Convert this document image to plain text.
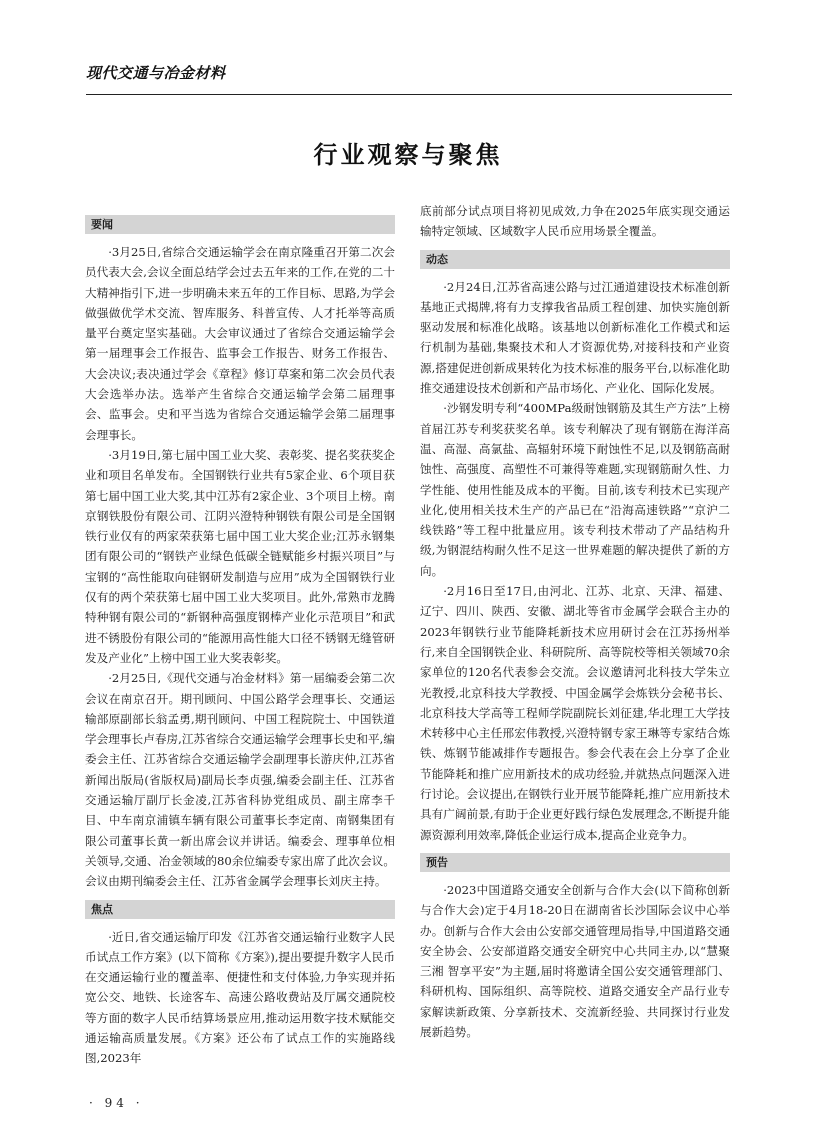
现代交通与冶金材料
行业观察与聚焦
要闻

·3月25日,省综合交通运输学会在南京隆重召开第二次会员代表大会,会议全面总结学会过去五年来的工作,在党的二十大精神指引下,进一步明确未来五年的工作目标、思路,为学会做强做优学术交流、智库服务、科普宣传、人才托举等高质量平台奠定坚实基础。大会审议通过了省综合交通运输学会第一届理事会工作报告、监事会工作报告、财务工作报告、大会决议;表决通过学会《章程》修订草案和第二次会员代表大会选举办法。选举产生省综合交通运输学会第二届理事会、监事会。史和平当选为省综合交通运输学会第二届理事会理事长。

·3月19日,第七届中国工业大奖、表彰奖、提名奖获奖企业和项目名单发布。全国钢铁行业共有5家企业、6个项目获第七届中国工业大奖,其中江苏有2家企业、3个项目上榜。南京钢铁股份有限公司、江阴兴澄特种钢铁有限公司是全国钢铁行业仅有的两家荣获第七届中国工业大奖企业;江苏永钢集团有限公司的“钢铁产业绿色低碳全链赋能乡村振兴项目”与宝钢的“高性能取向硅钢研发制造与应用”成为全国钢铁行业仅有的两个荣获第七届中国工业大奖项目。此外,常熟市龙腾特种钢有限公司的“新钢种高强度钢棒产业化示范项目”和武进不锈股份有限公司的“能源用高性能大口径不锈钢无缝管研发及产业化”上榜中国工业大奖表彰奖。

·2月25日,《现代交通与冶金材料》第一届编委会第二次会议在南京召开。期刊顾问、中国公路学会理事长、交通运输部原副部长翁孟勇,期刊顾问、中国工程院院士、中国铁道学会理事长卢春房,江苏省综合交通运输学会理事长史和平,编委会主任、江苏省综合交通运输学会副理事长游庆仲,江苏省新闻出版局(省版权局)副局长李贞强,编委会副主任、江苏省交通运输厅副厅长金凌,江苏省科协党组成员、副主席李千目、中车南京浦镇车辆有限公司董事长李定南、南钢集团有限公司董事长黄一新出席会议并讲话。编委会、理事单位相关领导,交通、冶金领域的80余位编委专家出席了此次会议。会议由期刊编委会主任、江苏省金属学会理事长刘庆主持。

焦点

·近日,省交通运输厅印发《江苏省交通运输行业数字人民币试点工作方案》(以下简称《方案》),提出要提升数字人民币在交通运输行业的覆盖率、便捷性和支付体验,力争实现并拓宽公交、地铁、长途客车、高速公路收费站及厅属交通院校等方面的数字人民币结算场景应用,推动运用数字技术赋能交通运输高质量发展。《方案》还公布了试点工作的实施路线图,2023年

底前部分试点项目将初见成效,力争在2025年底实现交通运输特定领域、区域数字人民币应用场景全覆盖。

动态

·2月24日,江苏省高速公路与过江通道建设技术标准创新基地正式揭牌,将有力支撑我省品质工程创建、加快实施创新驱动发展和标准化战略。该基地以创新标准化工作模式和运行机制为基础,集聚技术和人才资源优势,对接科技和产业资源,搭建促进创新成果转化为技术标准的服务平台,以标准化助推交通建设技术创新和产品市场化、产业化、国际化发展。

·沙钢发明专利“400MPa级耐蚀钢筋及其生产方法”上榜首届江苏专利奖获奖名单。该专利解决了现有钢筋在海洋高温、高湿、高氯盐、高辐射环境下耐蚀性不足,以及钢筋高耐蚀性、高强度、高塑性不可兼得等难题,实现钢筋耐久性、力学性能、使用性能及成本的平衡。目前,该专利技术已实现产业化,使用相关技术生产的产品已在“沿海高速铁路”“京沪二线铁路”等工程中批量应用。该专利技术带动了产品结构升级,为钢混结构耐久性不足这一世界难题的解决提供了新的方向。

·2月16日至17日,由河北、江苏、北京、天津、福建、辽宁、四川、陕西、安徽、湖北等省市金属学会联合主办的2023年钢铁行业节能降耗新技术应用研讨会在江苏扬州举行,来自全国钢铁企业、科研院所、高等院校等相关领域70余家单位的120名代表参会交流。会议邀请河北科技大学朱立光教授,北京科技大学教授、中国金属学会炼铁分会秘书长、北京科技大学高等工程师学院副院长刘征建,华北理工大学技术转移中心主任邢宏伟教授,兴澄特钢专家王琳等专家结合炼铁、炼钢节能减排作专题报告。参会代表在会上分享了企业节能降耗和推广应用新技术的成功经验,并就热点问题深入进行讨论。会议提出,在钢铁行业开展节能降耗,推广应用新技术具有广阔前景,有助于企业更好践行绿色发展理念,不断提升能源资源利用效率,降低企业运行成本,提高企业竞争力。

预告

·2023中国道路交通安全创新与合作大会(以下简称创新与合作大会)定于4月18-20日在湖南省长沙国际会议中心举办。创新与合作大会由公安部交通管理局指导,中国道路交通安全协会、公安部道路交通安全研究中心共同主办,以“慧聚三湘 智享平安”为主题,届时将邀请全国公安交通管理部门、科研机构、国际组织、高等院校、道路交通安全产品行业专家解读新政策、分享新技术、交流新经验、共同探讨行业发展新趋势。

· 94 ·
